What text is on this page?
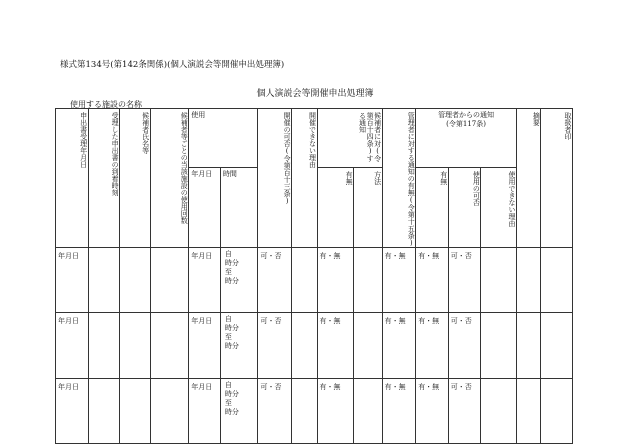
様式第134号(第142条関係)(個人演説会等開催申出処理簿)
個人演説会等開催申出処理簿
使用する施設の名称
申出書受理年月日	受理した申出書の到着時刻	候補者氏名等	候補者等ごとの当該施設の使用回数	使用		開催の可否(令第百十三条)	開催できない理由	候補者に対(令第百十四条)する通知		管理者に対する通知の有無(令第十五条)	管理者からの通知
(令第117条)			摘要	取扱者印
				年月日	時間			有無	方法		有無	使用の可否	使用できない理由		
年月日				年月日	自
時分
至
時分	可・否		有・無		有・無	有・無	可・否			
年月日				年月日	自
時分
至
時分	可・否		有・無		有・無	有・無	可・否			
年月日				年月日	自
時分
至
時分	可・否		有・無		有・無	有・無	可・否			
